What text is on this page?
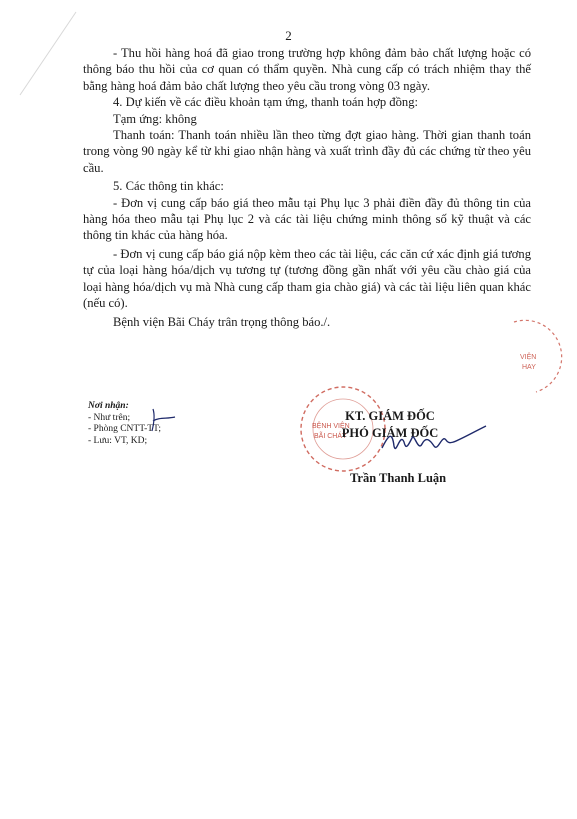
2

- Thu hồi hàng hoá đã giao trong trường hợp không đảm bảo chất lượng hoặc có thông báo thu hồi của cơ quan có thẩm quyền. Nhà cung cấp có trách nhiệm thay thế bằng hàng hoá đảm bảo chất lượng theo yêu cầu trong vòng 03 ngày.

4. Dự kiến về các điều khoản tạm ứng, thanh toán hợp đồng:

Tạm ứng: không

Thanh toán: Thanh toán nhiều lần theo từng đợt giao hàng. Thời gian thanh toán trong vòng 90 ngày kể từ khi giao nhận hàng và xuất trình đầy đủ các chứng từ theo yêu cầu.

5. Các thông tin khác:

- Đơn vị cung cấp báo giá theo mẫu tại Phụ lục 3 phải điền đầy đủ thông tin của hàng hóa theo mẫu tại Phụ lục 2 và các tài liệu chứng minh thông số kỹ thuật và các thông tin khác của hàng hóa.

- Đơn vị cung cấp báo giá nộp kèm theo các tài liệu, các căn cứ xác định giá tương tự của loại hàng hóa/dịch vụ tương tự (tương đồng gần nhất với yêu cầu chào giá của loại hàng hóa/dịch vụ mà Nhà cung cấp tham gia chào giá) và các tài liệu liên quan khác (nếu có).

Bệnh viện Bãi Cháy trân trọng thông báo./.

Nơi nhận:
- Như trên;
- Phòng CNTT-TT;
- Lưu: VT, KD;
BỆNH VIỆN
BÃI CHÁY
VIỆN
HAY
KT. GIÁM ĐỐC
PHÓ GIÁM ĐỐC
Trần Thanh Luận
